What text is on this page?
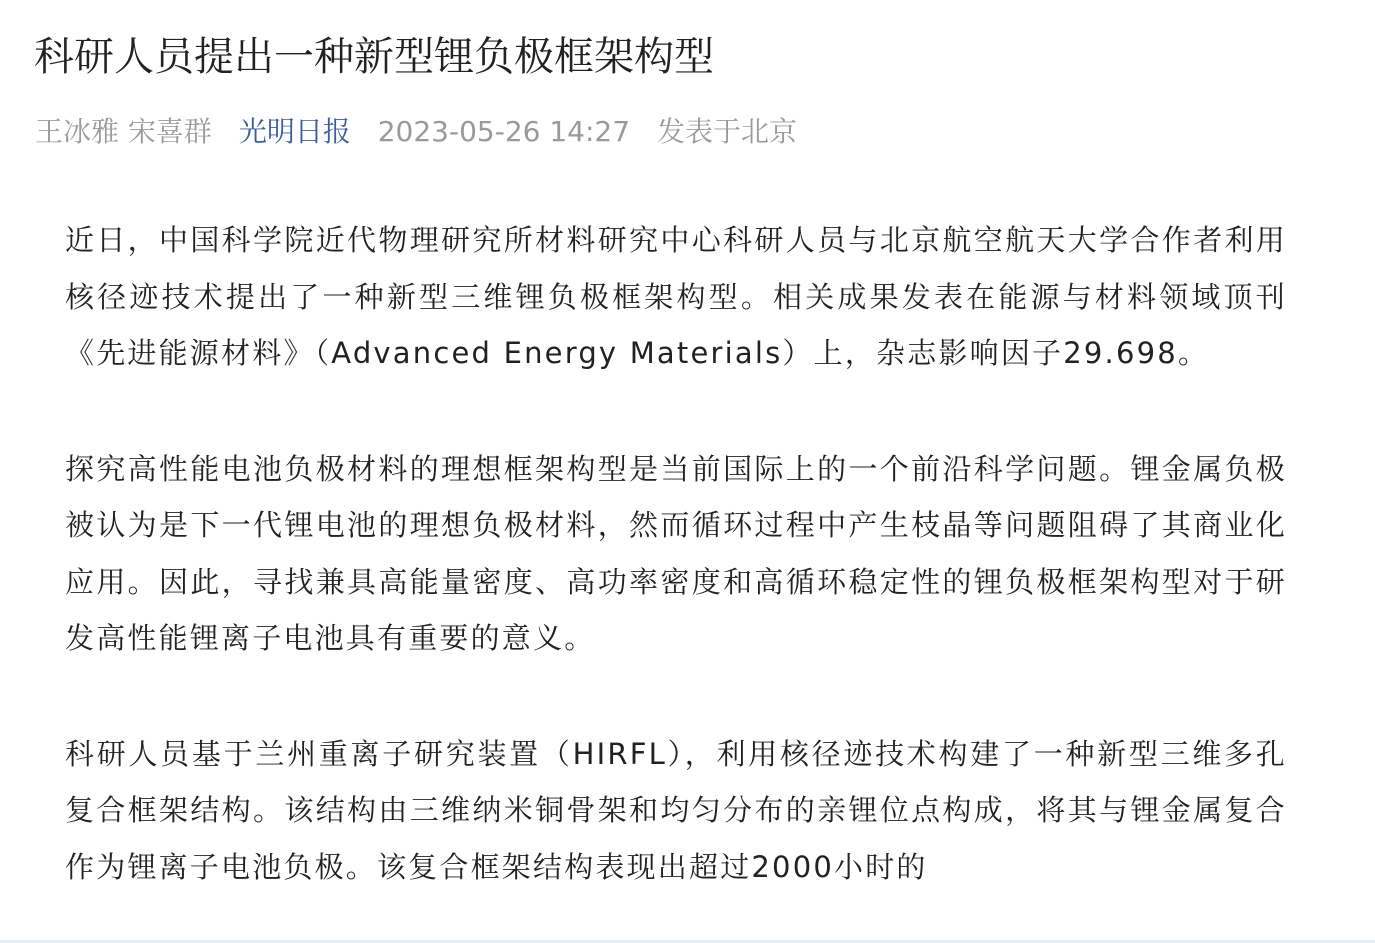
科研人员提出一种新型锂负极框架构型
王冰雅 宋喜群 光明日报 2023-05-26 14:27 发表于北京

近日，中国科学院近代物理研究所材料研究中心科研人员与北京航空航天大学合作者利用核径迹技术提出了一种新型三维锂负极框架构型。相关成果发表在能源与材料领域顶刊《先进能源材料》（Advanced Energy Materials）上，杂志影响因子29.698。

探究高性能电池负极材料的理想框架构型是当前国际上的一个前沿科学问题。锂金属负极被认为是下一代锂电池的理想负极材料，然而循环过程中产生枝晶等问题阻碍了其商业化应用。因此，寻找兼具高能量密度、高功率密度和高循环稳定性的锂负极框架构型对于研发高性能锂离子电池具有重要的意义。

科研人员基于兰州重离子研究装置（HIRFL），利用核径迹技术构建了一种新型三维多孔复合框架结构。该结构由三维纳米铜骨架和均匀分布的亲锂位点构成，将其与锂金属复合作为锂离子电池负极。该复合框架结构表现出超过2000小时的
